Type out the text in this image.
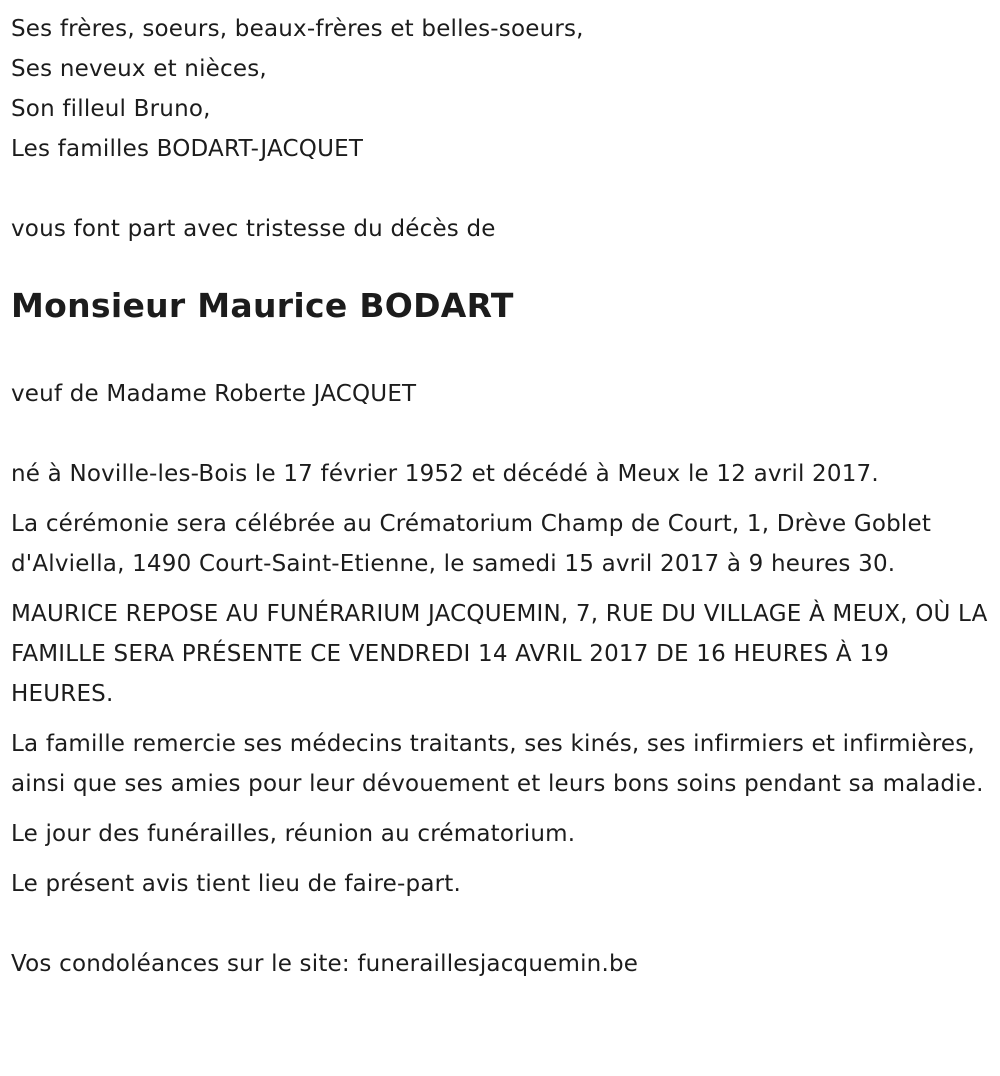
Ses frères, soeurs, beaux-frères et belles-soeurs,

Ses neveux et nièces,

Son filleul Bruno,

Les familles BODART-JACQUET

vous font part avec tristesse du décès de

Monsieur Maurice BODART

veuf de Madame Roberte JACQUET

né à Noville-les-Bois le 17 février 1952 et décédé à Meux le 12 avril 2017.

La cérémonie sera célébrée au Crématorium Champ de Court, 1, Drève Goblet d'Alviella, 1490 Court-Saint-Etienne, le samedi 15 avril 2017 à 9 heures 30.

MAURICE REPOSE AU FUNÉRARIUM JACQUEMIN, 7, RUE DU VILLAGE À MEUX, OÙ LA FAMILLE SERA PRÉSENTE CE VENDREDI 14 AVRIL 2017 DE 16 HEURES À 19 HEURES.

La famille remercie ses médecins traitants, ses kinés, ses infirmiers et infirmières, ainsi que ses amies pour leur dévouement et leurs bons soins pendant sa maladie.

Le jour des funérailles, réunion au crématorium.

Le présent avis tient lieu de faire-part.

Vos condoléances sur le site: funeraillesjacquemin.be
